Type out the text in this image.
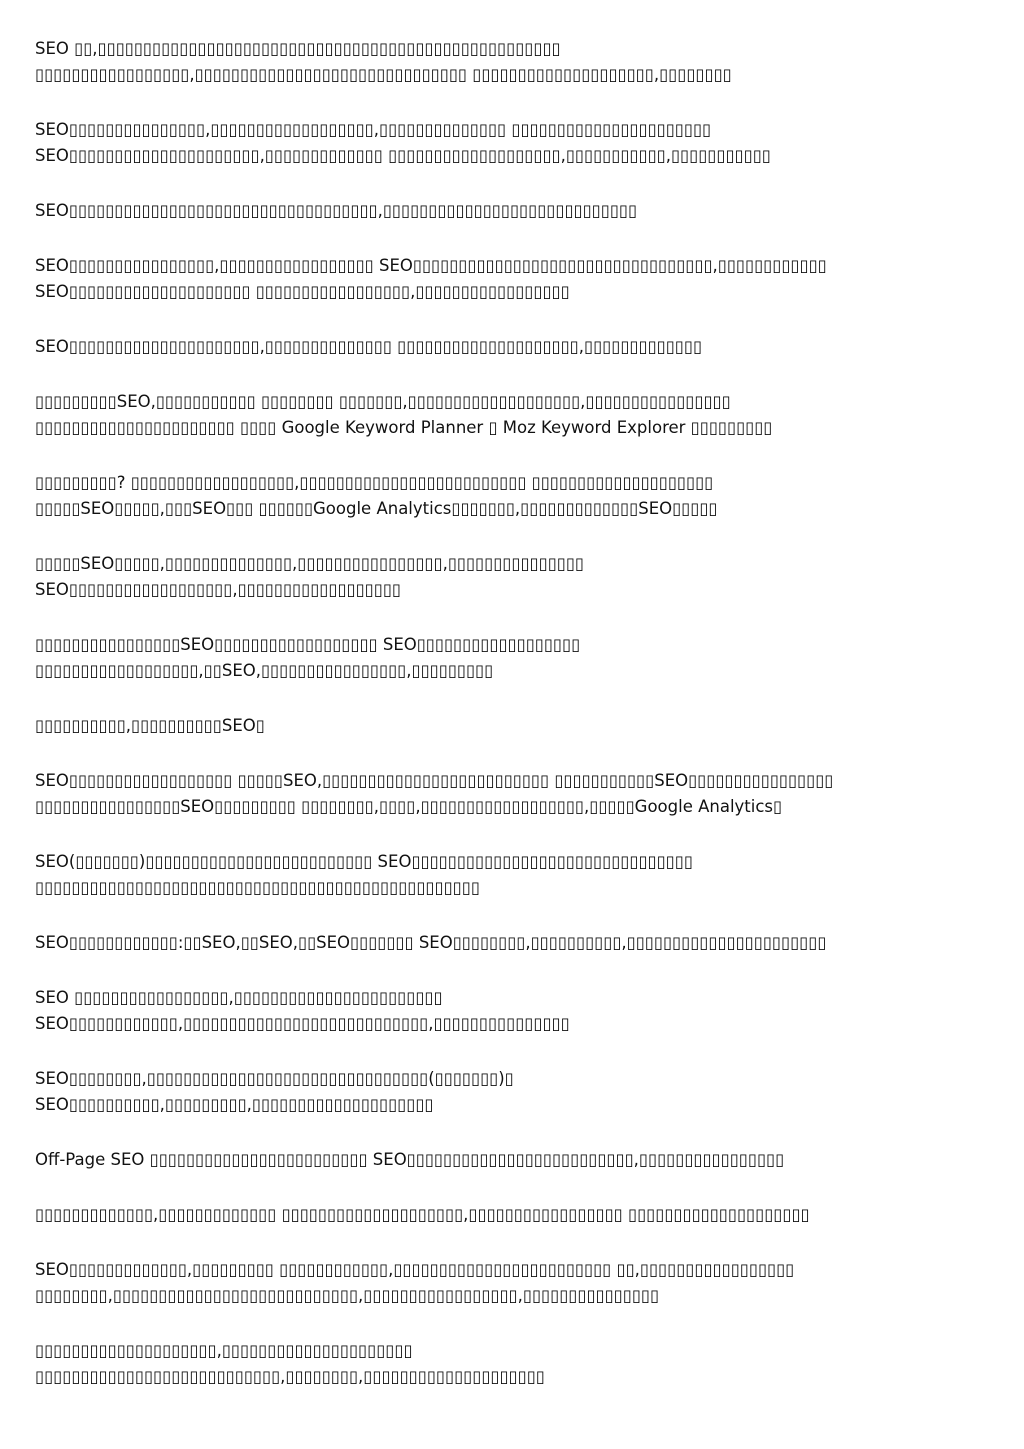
SEO ▯▯,▯▯▯▯▯▯▯▯▯▯▯▯▯▯▯▯▯▯▯▯▯▯▯▯▯▯▯▯▯▯▯▯▯▯▯▯▯▯▯▯▯▯▯▯▯▯▯▯▯▯▯
▯▯▯▯▯▯▯▯▯▯▯▯▯▯▯▯▯,▯▯▯▯▯▯▯▯▯▯▯▯▯▯▯▯▯▯▯▯▯▯▯▯▯▯▯▯▯▯ ▯▯▯▯▯▯▯▯▯▯▯▯▯▯▯▯▯▯▯▯,▯▯▯▯▯▯▯▯

SEO▯▯▯▯▯▯▯▯▯▯▯▯▯▯▯,▯▯▯▯▯▯▯▯▯▯▯▯▯▯▯▯▯▯,▯▯▯▯▯▯▯▯▯▯▯▯▯▯ ▯▯▯▯▯▯▯▯▯▯▯▯▯▯▯▯▯▯▯▯▯▯
SEO▯▯▯▯▯▯▯▯▯▯▯▯▯▯▯▯▯▯▯▯▯,▯▯▯▯▯▯▯▯▯▯▯▯▯ ▯▯▯▯▯▯▯▯▯▯▯▯▯▯▯▯▯▯▯,▯▯▯▯▯▯▯▯▯▯▯,▯▯▯▯▯▯▯▯▯▯▯

SEO▯▯▯▯▯▯▯▯▯▯▯▯▯▯▯▯▯▯▯▯▯▯▯▯▯▯▯▯▯▯▯▯▯▯,▯▯▯▯▯▯▯▯▯▯▯▯▯▯▯▯▯▯▯▯▯▯▯▯▯▯▯▯

SEO▯▯▯▯▯▯▯▯▯▯▯▯▯▯▯▯,▯▯▯▯▯▯▯▯▯▯▯▯▯▯▯▯▯ SEO▯▯▯▯▯▯▯▯▯▯▯▯▯▯▯▯▯▯▯▯▯▯▯▯▯▯▯▯▯▯▯▯▯,▯▯▯▯▯▯▯▯▯▯▯▯
SEO▯▯▯▯▯▯▯▯▯▯▯▯▯▯▯▯▯▯▯▯ ▯▯▯▯▯▯▯▯▯▯▯▯▯▯▯▯▯,▯▯▯▯▯▯▯▯▯▯▯▯▯▯▯▯▯

SEO▯▯▯▯▯▯▯▯▯▯▯▯▯▯▯▯▯▯▯▯▯,▯▯▯▯▯▯▯▯▯▯▯▯▯▯ ▯▯▯▯▯▯▯▯▯▯▯▯▯▯▯▯▯▯▯▯,▯▯▯▯▯▯▯▯▯▯▯▯▯

▯▯▯▯▯▯▯▯▯SEO,▯▯▯▯▯▯▯▯▯▯▯ ▯▯▯▯▯▯▯▯ ▯▯▯▯▯▯▯,▯▯▯▯▯▯▯▯▯▯▯▯▯▯▯▯▯▯▯,▯▯▯▯▯▯▯▯▯▯▯▯▯▯▯▯
▯▯▯▯▯▯▯▯▯▯▯▯▯▯▯▯▯▯▯▯▯▯ ▯▯▯▯ Google Keyword Planner ▯ Moz Keyword Explorer ▯▯▯▯▯▯▯▯▯

▯▯▯▯▯▯▯▯▯? ▯▯▯▯▯▯▯▯▯▯▯▯▯▯▯▯▯▯,▯▯▯▯▯▯▯▯▯▯▯▯▯▯▯▯▯▯▯▯▯▯▯▯▯ ▯▯▯▯▯▯▯▯▯▯▯▯▯▯▯▯▯▯▯▯
▯▯▯▯▯SEO▯▯▯▯▯,▯▯▯SEO▯▯▯ ▯▯▯▯▯▯Google Analytics▯▯▯▯▯▯▯,▯▯▯▯▯▯▯▯▯▯▯▯▯SEO▯▯▯▯▯

▯▯▯▯▯SEO▯▯▯▯▯,▯▯▯▯▯▯▯▯▯▯▯▯▯▯,▯▯▯▯▯▯▯▯▯▯▯▯▯▯▯▯,▯▯▯▯▯▯▯▯▯▯▯▯▯▯▯
SEO▯▯▯▯▯▯▯▯▯▯▯▯▯▯▯▯▯▯,▯▯▯▯▯▯▯▯▯▯▯▯▯▯▯▯▯▯

▯▯▯▯▯▯▯▯▯▯▯▯▯▯▯▯SEO▯▯▯▯▯▯▯▯▯▯▯▯▯▯▯▯▯▯ SEO▯▯▯▯▯▯▯▯▯▯▯▯▯▯▯▯▯▯
▯▯▯▯▯▯▯▯▯▯▯▯▯▯▯▯▯▯,▯▯SEO,▯▯▯▯▯▯▯▯▯▯▯▯▯▯▯▯,▯▯▯▯▯▯▯▯▯

▯▯▯▯▯▯▯▯▯▯,▯▯▯▯▯▯▯▯▯▯SEO▯

SEO▯▯▯▯▯▯▯▯▯▯▯▯▯▯▯▯▯▯ ▯▯▯▯▯SEO,▯▯▯▯▯▯▯▯▯▯▯▯▯▯▯▯▯▯▯▯▯▯▯▯▯ ▯▯▯▯▯▯▯▯▯▯▯SEO▯▯▯▯▯▯▯▯▯▯▯▯▯▯▯▯
▯▯▯▯▯▯▯▯▯▯▯▯▯▯▯▯SEO▯▯▯▯▯▯▯▯▯ ▯▯▯▯▯▯▯▯,▯▯▯▯,▯▯▯▯▯▯▯▯▯▯▯▯▯▯▯▯▯▯,▯▯▯▯▯Google Analytics▯

SEO(▯▯▯▯▯▯▯)▯▯▯▯▯▯▯▯▯▯▯▯▯▯▯▯▯▯▯▯▯▯▯▯▯ SEO▯▯▯▯▯▯▯▯▯▯▯▯▯▯▯▯▯▯▯▯▯▯▯▯▯▯▯▯▯▯▯
▯▯▯▯▯▯▯▯▯▯▯▯▯▯▯▯▯▯▯▯▯▯▯▯▯▯▯▯▯▯▯▯▯▯▯▯▯▯▯▯▯▯▯▯▯▯▯▯▯

SEO▯▯▯▯▯▯▯▯▯▯▯▯:▯▯SEO,▯▯SEO,▯▯SEO▯▯▯▯▯▯▯ SEO▯▯▯▯▯▯▯▯,▯▯▯▯▯▯▯▯▯▯,▯▯▯▯▯▯▯▯▯▯▯▯▯▯▯▯▯▯▯▯▯▯

SEO ▯▯▯▯▯▯▯▯▯▯▯▯▯▯▯▯▯,▯▯▯▯▯▯▯▯▯▯▯▯▯▯▯▯▯▯▯▯▯▯▯
SEO▯▯▯▯▯▯▯▯▯▯▯▯,▯▯▯▯▯▯▯▯▯▯▯▯▯▯▯▯▯▯▯▯▯▯▯▯▯▯▯,▯▯▯▯▯▯▯▯▯▯▯▯▯▯▯

SEO▯▯▯▯▯▯▯▯,▯▯▯▯▯▯▯▯▯▯▯▯▯▯▯▯▯▯▯▯▯▯▯▯▯▯▯▯▯▯▯(▯▯▯▯▯▯▯)▯
SEO▯▯▯▯▯▯▯▯▯▯,▯▯▯▯▯▯▯▯▯,▯▯▯▯▯▯▯▯▯▯▯▯▯▯▯▯▯▯▯▯

Off-Page SEO ▯▯▯▯▯▯▯▯▯▯▯▯▯▯▯▯▯▯▯▯▯▯▯▯ SEO▯▯▯▯▯▯▯▯▯▯▯▯▯▯▯▯▯▯▯▯▯▯▯▯▯,▯▯▯▯▯▯▯▯▯▯▯▯▯▯▯▯

▯▯▯▯▯▯▯▯▯▯▯▯▯,▯▯▯▯▯▯▯▯▯▯▯▯▯ ▯▯▯▯▯▯▯▯▯▯▯▯▯▯▯▯▯▯▯▯,▯▯▯▯▯▯▯▯▯▯▯▯▯▯▯▯▯ ▯▯▯▯▯▯▯▯▯▯▯▯▯▯▯▯▯▯▯▯

SEO▯▯▯▯▯▯▯▯▯▯▯▯▯,▯▯▯▯▯▯▯▯▯ ▯▯▯▯▯▯▯▯▯▯▯▯,▯▯▯▯▯▯▯▯▯▯▯▯▯▯▯▯▯▯▯▯▯▯▯▯ ▯▯,▯▯▯▯▯▯▯▯▯▯▯▯▯▯▯▯▯
▯▯▯▯▯▯▯▯,▯▯▯▯▯▯▯▯▯▯▯▯▯▯▯▯▯▯▯▯▯▯▯▯▯▯▯,▯▯▯▯▯▯▯▯▯▯▯▯▯▯▯▯▯,▯▯▯▯▯▯▯▯▯▯▯▯▯▯▯

▯▯▯▯▯▯▯▯▯▯▯▯▯▯▯▯▯▯▯▯,▯▯▯▯▯▯▯▯▯▯▯▯▯▯▯▯▯▯▯▯▯
▯▯▯▯▯▯▯▯▯▯▯▯▯▯▯▯▯▯▯▯▯▯▯▯▯▯▯,▯▯▯▯▯▯▯▯,▯▯▯▯▯▯▯▯▯▯▯▯▯▯▯▯▯▯▯▯
